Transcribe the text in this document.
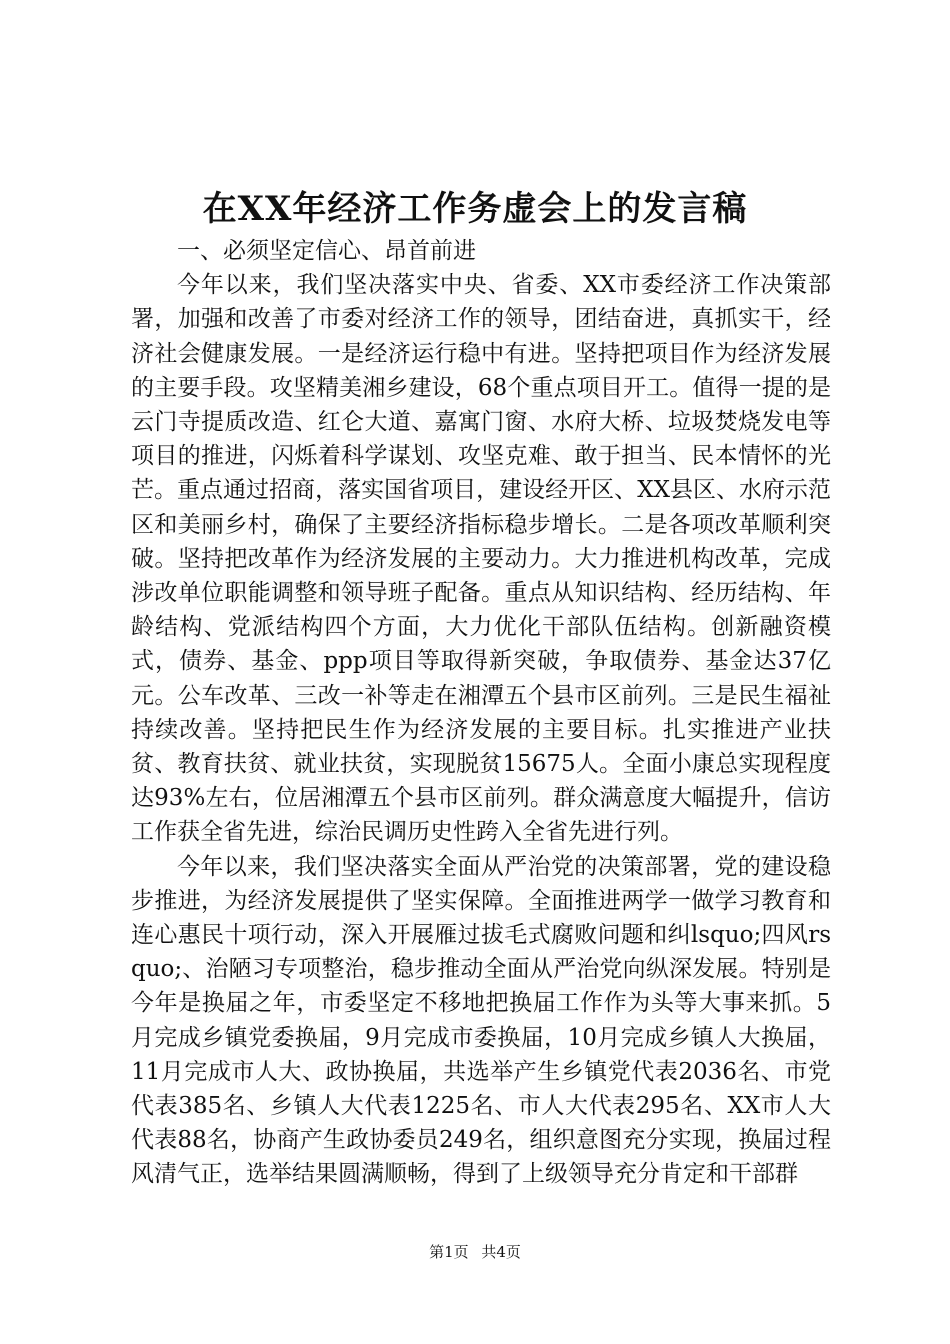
在XX年经济工作务虚会上的发言稿
一、必须坚定信心、昂首前进

今年以来，我们坚决落实中央、省委、XX市委经济工作决策部署，加强和改善了市委对经济工作的领导，团结奋进，真抓实干，经济社会健康发展。一是经济运行稳中有进。坚持把项目作为经济发展的主要手段。攻坚精美湘乡建设，68个重点项目开工。值得一提的是云门寺提质改造、红仑大道、嘉寓门窗、水府大桥、垃圾焚烧发电等项目的推进，闪烁着科学谋划、攻坚克难、敢于担当、民本情怀的光芒。重点通过招商，落实国省项目，建设经开区、XX县区、水府示范区和美丽乡村，确保了主要经济指标稳步增长。二是各项改革顺利突破。坚持把改革作为经济发展的主要动力。大力推进机构改革，完成涉改单位职能调整和领导班子配备。重点从知识结构、经历结构、年龄结构、党派结构四个方面，大力优化干部队伍结构。创新融资模式，债券、基金、ppp项目等取得新突破，争取债券、基金达37亿元。公车改革、三改一补等走在湘潭五个县市区前列。三是民生福祉持续改善。坚持把民生作为经济发展的主要目标。扎实推进产业扶贫、教育扶贫、就业扶贫，实现脱贫15675人。全面小康总实现程度达93%左右，位居湘潭五个县市区前列。群众满意度大幅提升，信访工作获全省先进，综治民调历史性跨入全省先进行列。

今年以来，我们坚决落实全面从严治党的决策部署，党的建设稳步推进，为经济发展提供了坚实保障。全面推进两学一做学习教育和连心惠民十项行动，深入开展雁过拔毛式腐败问题和纠lsquo;四风rsquo;、治陋习专项整治，稳步推动全面从严治党向纵深发展。特别是今年是换届之年，市委坚定不移地把换届工作作为头等大事来抓。5月完成乡镇党委换届，9月完成市委换届，10月完成乡镇人大换届，11月完成市人大、政协换届，共选举产生乡镇党代表2036名、市党代表385名、乡镇人大代表1225名、市人大代表295名、XX市人大代表88名，协商产生政协委员249名，组织意图充分实现，换届过程风清气正，选举结果圆满顺畅，得到了上级领导充分肯定和干部群

第1页 共4页
